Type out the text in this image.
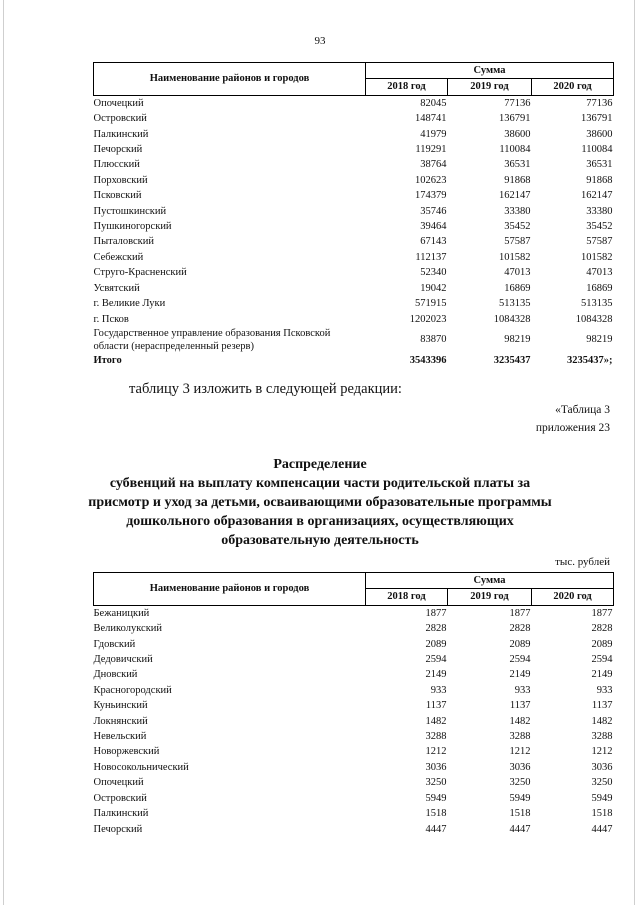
93
Наименование районов и городов	Сумма		
	2018 год	2019 год	2020 год
Опочецкий	82045	77136	77136
Островский	148741	136791	136791
Палкинский	41979	38600	38600
Печорский	119291	110084	110084
Плюсский	38764	36531	36531
Порховский	102623	91868	91868
Псковский	174379	162147	162147
Пустошкинский	35746	33380	33380
Пушкиногорский	39464	35452	35452
Пыталовский	67143	57587	57587
Себежский	112137	101582	101582
Струго-Красненский	52340	47013	47013
Усвятский	19042	16869	16869
г. Великие Луки	571915	513135	513135
г. Псков	1202023	1084328	1084328
Государственное управление образования Псковской области (нераспределенный резерв)	83870	98219	98219
Итого	3543396	3235437	3235437»;
таблицу 3 изложить в следующей редакции:
«Таблица 3
приложения 23
Распределение
субвенций на выплату компенсации части родительской платы за
присмотр и уход за детьми, осваивающими образовательные программы
дошкольного образования в организациях, осуществляющих
образовательную деятельность
тыс. рублей
Наименование районов и городов	Сумма		
	2018 год	2019 год	2020 год
Бежаницкий	1877	1877	1877
Великолукский	2828	2828	2828
Гдовский	2089	2089	2089
Дедовичский	2594	2594	2594
Дновский	2149	2149	2149
Красногородский	933	933	933
Куньинский	1137	1137	1137
Локнянский	1482	1482	1482
Невельский	3288	3288	3288
Новоржевский	1212	1212	1212
Новосокольнический	3036	3036	3036
Опочецкий	3250	3250	3250
Островский	5949	5949	5949
Палкинский	1518	1518	1518
Печорский	4447	4447	4447
